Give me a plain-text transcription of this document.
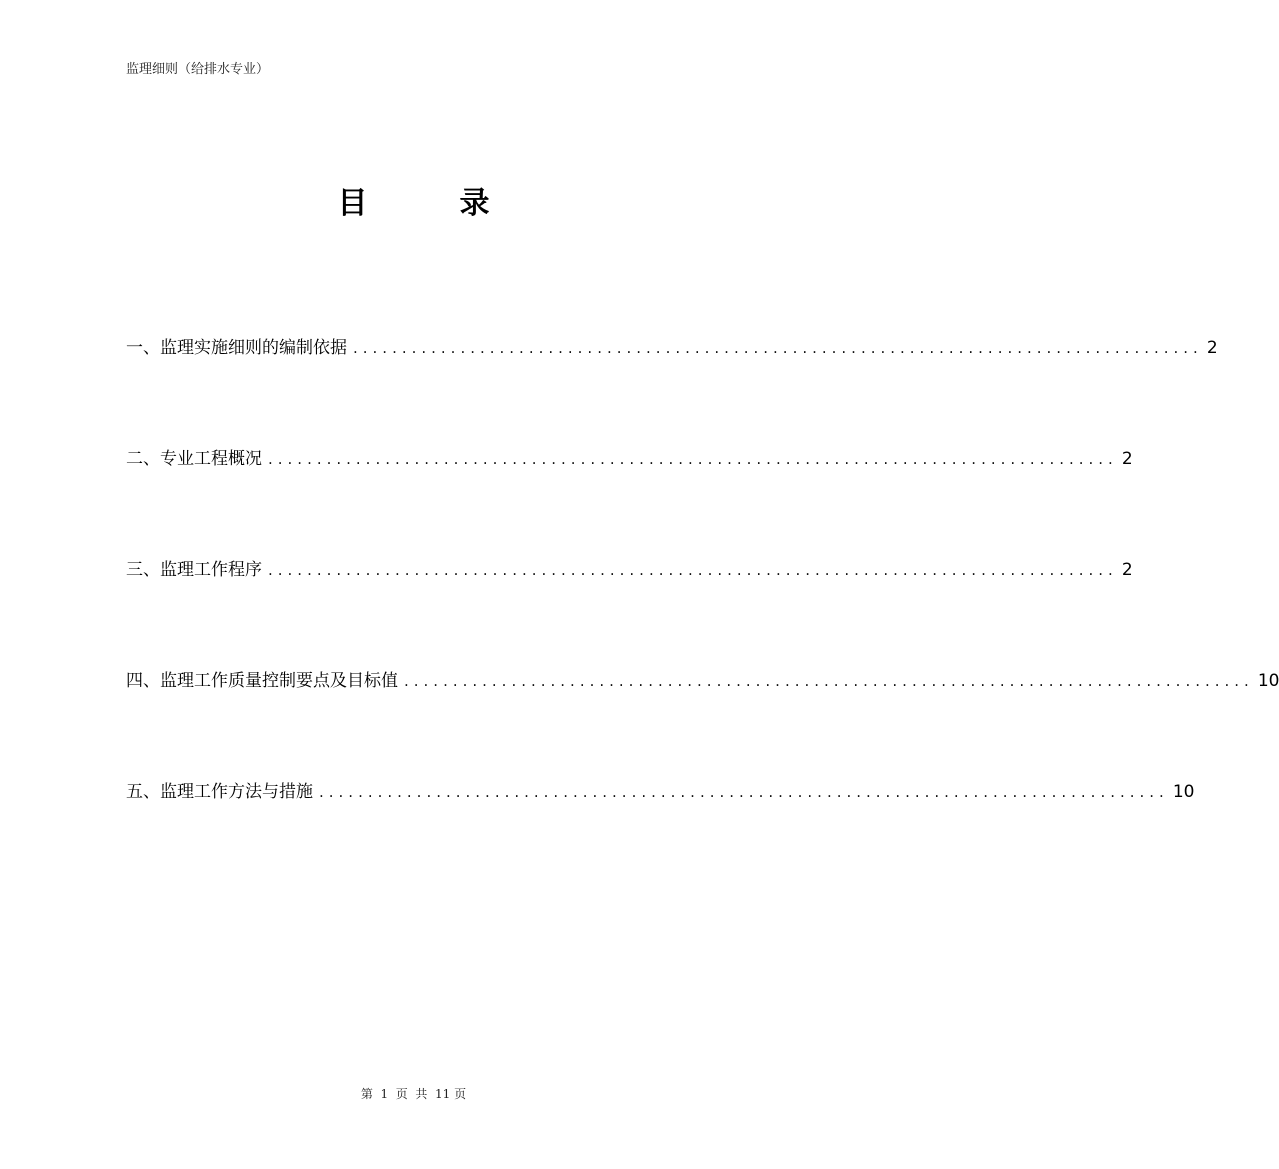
监理细则（给排水专业）
目	录
一、监理实施细则的编制依据 ....................................................................................... 2
二、专业工程概况 ....................................................................................... 2
三、监理工作程序 ....................................................................................... 2
四、监理工作质量控制要点及目标值 ....................................................................................... 10
五、监理工作方法与措施 ....................................................................................... 10
第  1  页  共  11 页
